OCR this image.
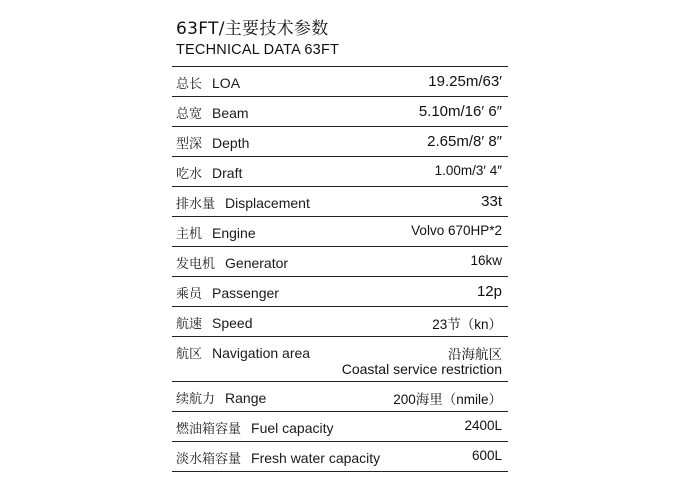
63FT/主要技术参数
TECHNICAL DATA 63FT
总长 LOA	19.25m/63′
总宽 Beam	5.10m/16′ 6″
型深 Depth	2.65m/8′ 8″
吃水 Draft	1.00m/3′ 4″
排水量 Displacement	33t
主机 Engine	Volvo 670HP*2
发电机 Generator	16kw
乘员 Passenger	12p
航速 Speed	23节（kn）
航区 Navigation area	沿海航区
Coastal service restriction
续航力 Range	200海里（nmile）
燃油箱容量 Fuel capacity	2400L
淡水箱容量 Fresh water capacity	600L
